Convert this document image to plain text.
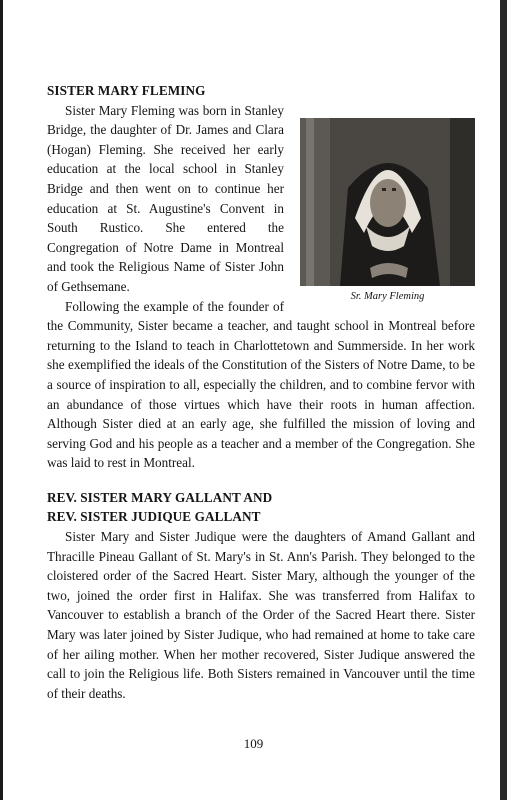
SISTER MARY FLEMING

Sr. Mary Fleming

Sister Mary Fleming was born in Stanley Bridge, the daughter of Dr. James and Clara (Hogan) Fleming. She received her early education at the local school in Stanley Bridge and then went on to continue her education at St. Augustine's Convent in South Rustico. She entered the Congregation of Notre Dame in Montreal and took the Religious Name of Sister John of Gethsemane.

Following the example of the founder of the Community, Sister became a teacher, and taught school in Montreal before returning to the Island to teach in Charlottetown and Summerside. In her work she exemplified the ideals of the Constitution of the Sisters of Notre Dame, to be a source of inspiration to all, especially the children, and to combine fervor with an abundance of those virtues which have their roots in human affection. Although Sister died at an early age, she fulfilled the mission of loving and serving God and his people as a teacher and a member of the Congregation. She was laid to rest in Montreal.

REV. SISTER MARY GALLANT AND

REV. SISTER JUDIQUE GALLANT

Sister Mary and Sister Judique were the daughters of Amand Gallant and Thracille Pineau Gallant of St. Mary's in St. Ann's Parish. They belonged to the cloistered order of the Sacred Heart. Sister Mary, although the younger of the two, joined the order first in Halifax. She was transferred from Halifax to Vancouver to establish a branch of the Order of the Sacred Heart there. Sister Mary was later joined by Sister Judique, who had remained at home to take care of her ailing mother. When her mother recovered, Sister Judique answered the call to join the Religious life. Both Sisters remained in Vancouver until the time of their deaths.

109
